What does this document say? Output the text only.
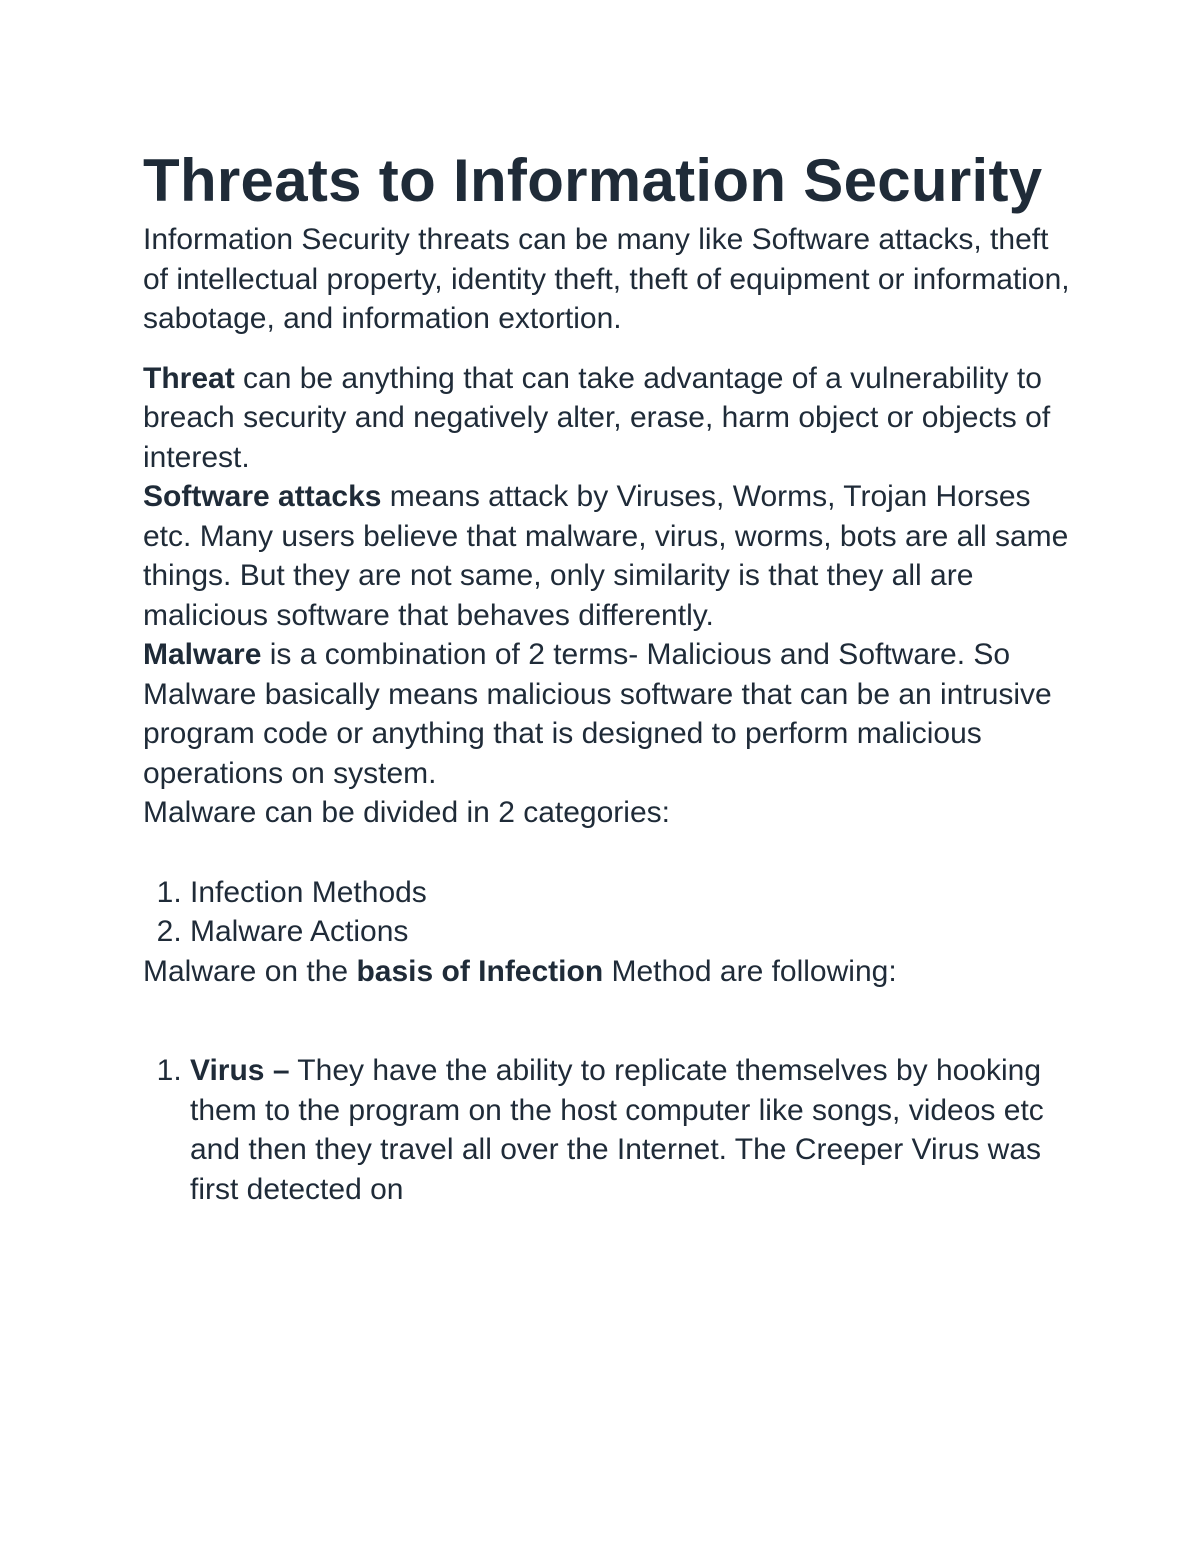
Threats to Information Security

Information Security threats can be many like Software attacks, theft of intellectual property, identity theft, theft of equipment or information, sabotage, and information extortion.

Threat can be anything that can take advantage of a vulnerability to breach security and negatively alter, erase, harm object or objects of interest.

Software attacks means attack by Viruses, Worms, Trojan Horses etc. Many users believe that malware, virus, worms, bots are all same things. But they are not same, only similarity is that they all are malicious software that behaves differently.

Malware is a combination of 2 terms- Malicious and Software. So Malware basically means malicious software that can be an intrusive program code or anything that is designed to perform malicious operations on system.

Malware can be divided in 2 categories:

1. Infection Methods
2. Malware Actions

Malware on the basis of Infection Method are following:

1. Virus – They have the ability to replicate themselves by hooking them to the program on the host computer like songs, videos etc and then they travel all over the Internet. The Creeper Virus was first detected on
